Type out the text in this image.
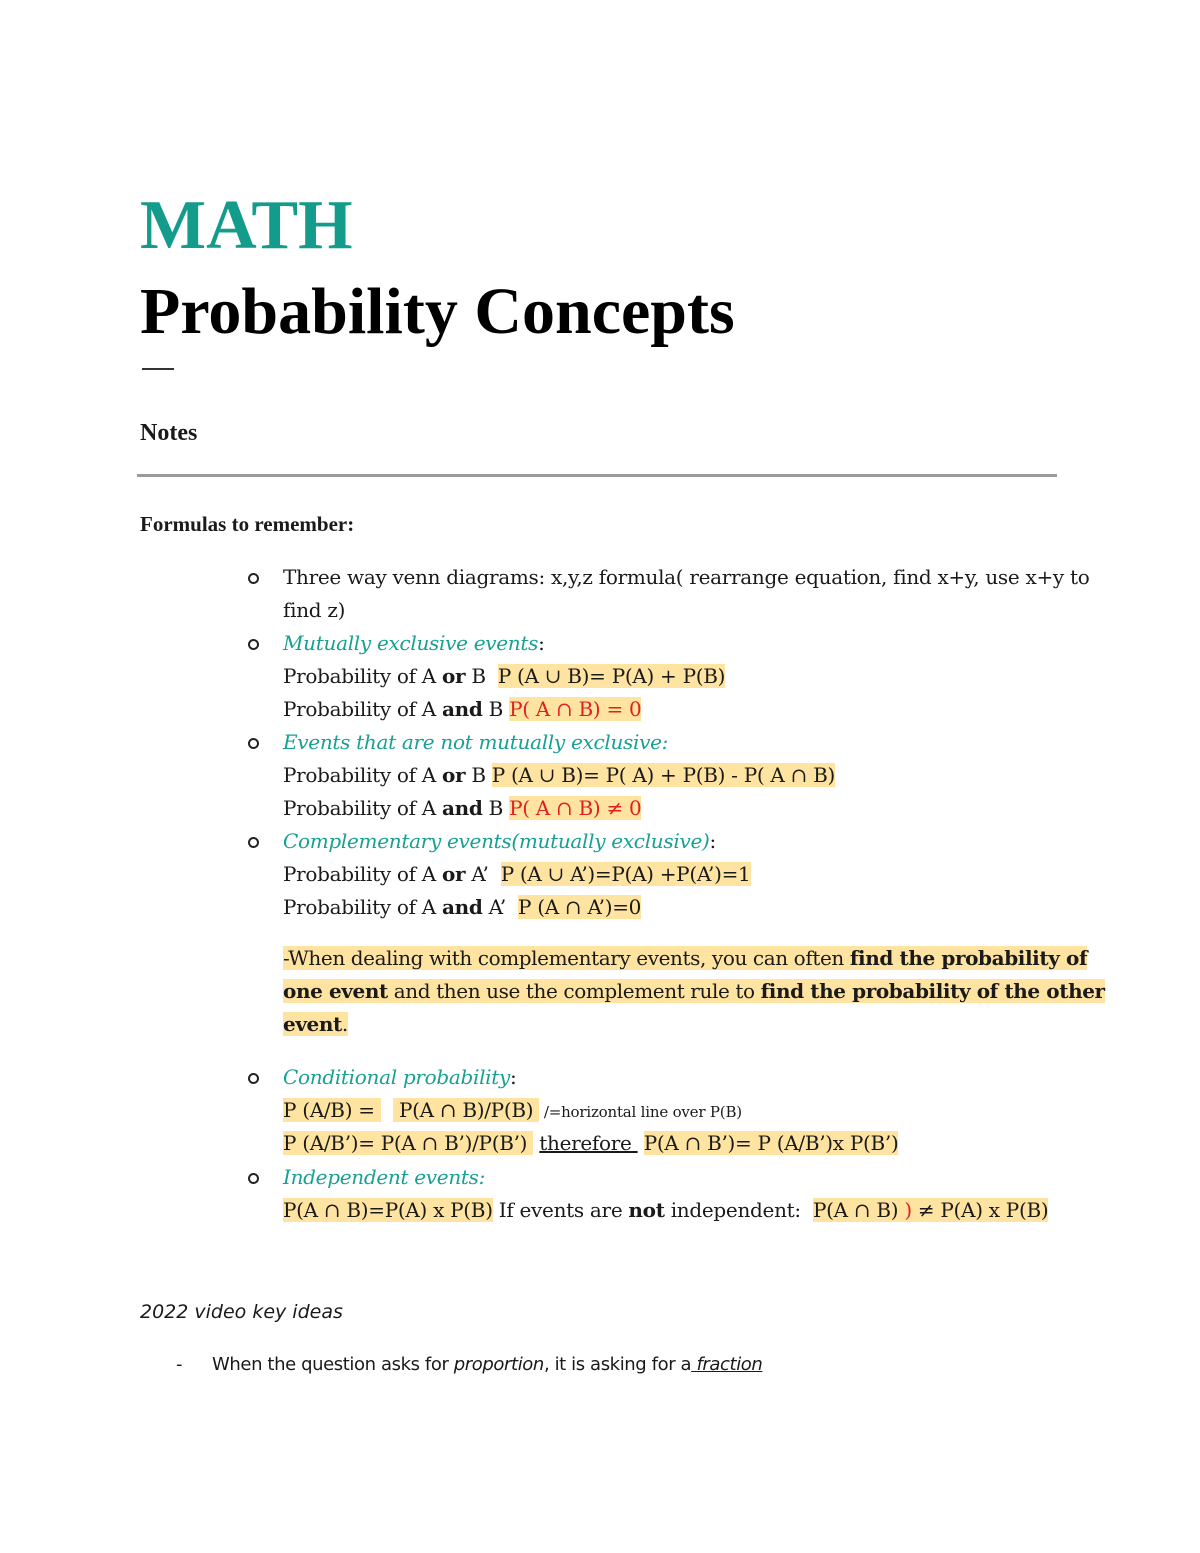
MATH
Probability Concepts
Notes
Formulas to remember:
Three way venn diagrams: x,y,z formula( rearrange equation, find x+y, use x+y to
find z)
Mutually exclusive events:
Probability of A or B  P (A ∪ B)= P(A) + P(B)
Probability of A and B P( A ∩ B) = 0
Events that are not mutually exclusive:
Probability of A or B P (A ∪ B)= P( A) + P(B) - P( A ∩ B)
Probability of A and B P( A ∩ B) ≠ 0
Complementary events(mutually exclusive):
Probability of A or A’  P (A ∪ A’)=P(A) +P(A’)=1
Probability of A and A’  P (A ∩ A’)=0
-When dealing with complementary events, you can often find the probability of
one event and then use the complement rule to find the probability of the other
event.
Conditional probability:
P (A/B) =    P(A ∩ B)/P(B)  /=horizontal line over P(B)
P (A/B’)= P(A ∩ B’)/P(B’)  therefore  P(A ∩ B’)= P (A/B’)x P(B’)
Independent events:
P(A ∩ B)=P(A) x P(B) If events are not independent:  P(A ∩ B) ) ≠ P(A) x P(B)
2022 video key ideas
- When the question asks for proportion, it is asking for a fraction
